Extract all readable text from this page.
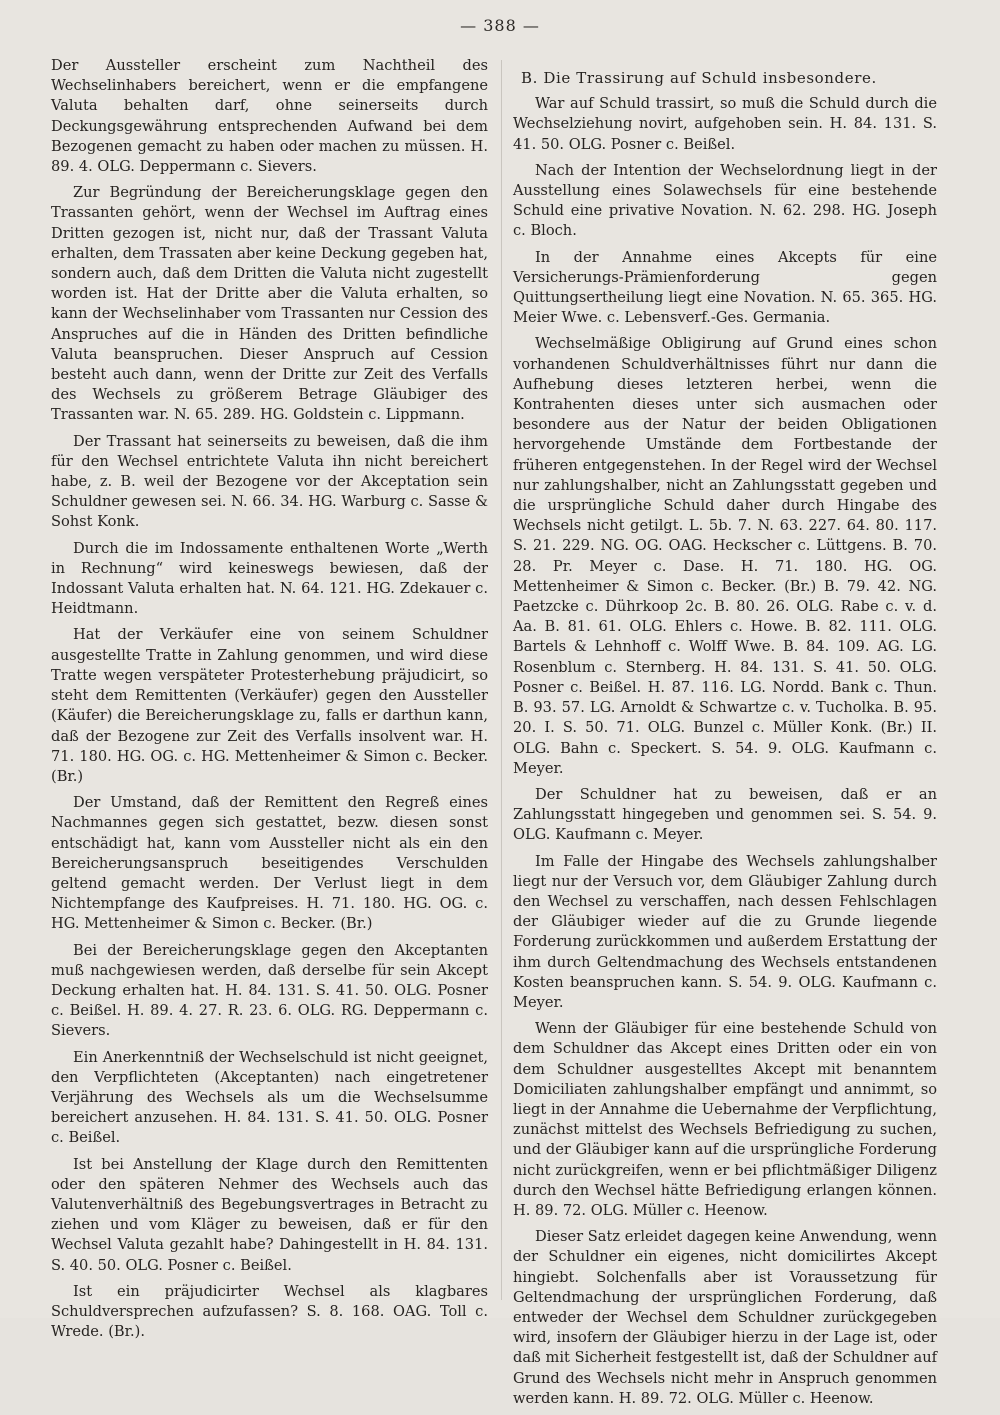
— 388 —

Der Aussteller erscheint zum Nachtheil des Wechselinhabers bereichert, wenn er die empfangene Valuta behalten darf, ohne seinerseits durch Deckungsgewährung entsprechenden Aufwand bei dem Bezogenen gemacht zu haben oder machen zu müssen. H. 89. 4. OLG. Deppermann c. Sievers.

Zur Begründung der Bereicherungsklage gegen den Trassanten gehört, wenn der Wechsel im Auftrag eines Dritten gezogen ist, nicht nur, daß der Trassant Valuta erhalten, dem Trassaten aber keine Deckung gegeben hat, sondern auch, daß dem Dritten die Valuta nicht zugestellt worden ist. Hat der Dritte aber die Valuta erhalten, so kann der Wechselinhaber vom Trassanten nur Cession des Anspruches auf die in Händen des Dritten befindliche Valuta beanspruchen. Dieser Anspruch auf Cession besteht auch dann, wenn der Dritte zur Zeit des Verfalls des Wechsels zu größerem Betrage Gläubiger des Trassanten war. N. 65. 289. HG. Goldstein c. Lippmann.

Der Trassant hat seinerseits zu beweisen, daß die ihm für den Wechsel entrichtete Valuta ihn nicht bereichert habe, z. B. weil der Bezogene vor der Akceptation sein Schuldner gewesen sei. N. 66. 34. HG. Warburg c. Sasse & Sohst Konk.

Durch die im Indossamente enthaltenen Worte „Werth in Rechnung“ wird keineswegs bewiesen, daß der Indossant Valuta erhalten hat. N. 64. 121. HG. Zdekauer c. Heidtmann.

Hat der Verkäufer eine von seinem Schuldner ausgestellte Tratte in Zahlung genommen, und wird diese Tratte wegen verspäteter Protesterhebung präjudicirt, so steht dem Remittenten (Verkäufer) gegen den Aussteller (Käufer) die Bereicherungsklage zu, falls er darthun kann, daß der Bezogene zur Zeit des Verfalls insolvent war. H. 71. 180. HG. OG. c. HG. Mettenheimer & Simon c. Becker. (Br.)

Der Umstand, daß der Remittent den Regreß eines Nachmannes gegen sich gestattet, bezw. diesen sonst entschädigt hat, kann vom Aussteller nicht als ein den Bereicherungsanspruch beseitigendes Verschulden geltend gemacht werden. Der Verlust liegt in dem Nichtempfange des Kaufpreises. H. 71. 180. HG. OG. c. HG. Mettenheimer & Simon c. Becker. (Br.)

Bei der Bereicherungsklage gegen den Akceptanten muß nachgewiesen werden, daß derselbe für sein Akcept Deckung erhalten hat. H. 84. 131. S. 41. 50. OLG. Posner c. Beißel. H. 89. 4. 27. R. 23. 6. OLG. RG. Deppermann c. Sievers.

Ein Anerkenntniß der Wechselschuld ist nicht geeignet, den Verpflichteten (Akceptanten) nach eingetretener Verjährung des Wechsels als um die Wechselsumme bereichert anzusehen. H. 84. 131. S. 41. 50. OLG. Posner c. Beißel.

Ist bei Anstellung der Klage durch den Remittenten oder den späteren Nehmer des Wechsels auch das Valutenverhältniß des Begebungsvertrages in Betracht zu ziehen und vom Kläger zu beweisen, daß er für den Wechsel Valuta gezahlt habe? Dahingestellt in H. 84. 131. S. 40. 50. OLG. Posner c. Beißel.

Ist ein präjudicirter Wechsel als klagbares Schuldversprechen aufzufassen? S. 8. 168. OAG. Toll c. Wrede. (Br.).

B. Die Trassirung auf Schuld insbesondere.

War auf Schuld trassirt, so muß die Schuld durch die Wechselziehung novirt, aufgehoben sein. H. 84. 131. S. 41. 50. OLG. Posner c. Beißel.

Nach der Intention der Wechselordnung liegt in der Ausstellung eines Solawechsels für eine bestehende Schuld eine privative Novation. N. 62. 298. HG. Joseph c. Bloch.

In der Annahme eines Akcepts für eine Versicherungs-Prämienforderung gegen Quittungsertheilung liegt eine Novation. N. 65. 365. HG. Meier Wwe. c. Lebensverf.-Ges. Germania.

Wechselmäßige Obligirung auf Grund eines schon vorhandenen Schuldverhältnisses führt nur dann die Aufhebung dieses letzteren herbei, wenn die Kontrahenten dieses unter sich ausmachen oder besondere aus der Natur der beiden Obligationen hervorgehende Umstände dem Fortbestande der früheren entgegenstehen. In der Regel wird der Wechsel nur zahlungshalber, nicht an Zahlungsstatt gegeben und die ursprüngliche Schuld daher durch Hingabe des Wechsels nicht getilgt. L. 5b. 7. N. 63. 227. 64. 80. 117. S. 21. 229. NG. OG. OAG. Heckscher c. Lüttgens. B. 70. 28. Pr. Meyer c. Dase. H. 71. 180. HG. OG. Mettenheimer & Simon c. Becker. (Br.) B. 79. 42. NG. Paetzcke c. Dührkoop 2c. B. 80. 26. OLG. Rabe c. v. d. Aa. B. 81. 61. OLG. Ehlers c. Howe. B. 82. 111. OLG. Bartels & Lehnhoff c. Wolff Wwe. B. 84. 109. AG. LG. Rosenblum c. Sternberg. H. 84. 131. S. 41. 50. OLG. Posner c. Beißel. H. 87. 116. LG. Nordd. Bank c. Thun. B. 93. 57. LG. Arnoldt & Schwartze c. v. Tucholka. B. 95. 20. I. S. 50. 71. OLG. Bunzel c. Müller Konk. (Br.) II. OLG. Bahn c. Speckert. S. 54. 9. OLG. Kaufmann c. Meyer.

Der Schuldner hat zu beweisen, daß er an Zahlungsstatt hingegeben und genommen sei. S. 54. 9. OLG. Kaufmann c. Meyer.

Im Falle der Hingabe des Wechsels zahlungshalber liegt nur der Versuch vor, dem Gläubiger Zahlung durch den Wechsel zu verschaffen, nach dessen Fehlschlagen der Gläubiger wieder auf die zu Grunde liegende Forderung zurückkommen und außerdem Erstattung der ihm durch Geltendmachung des Wechsels entstandenen Kosten beanspruchen kann. S. 54. 9. OLG. Kaufmann c. Meyer.

Wenn der Gläubiger für eine bestehende Schuld von dem Schuldner das Akcept eines Dritten oder ein von dem Schuldner ausgestelltes Akcept mit benanntem Domiciliaten zahlungshalber empfängt und annimmt, so liegt in der Annahme die Uebernahme der Verpflichtung, zunächst mittelst des Wechsels Befriedigung zu suchen, und der Gläubiger kann auf die ursprüngliche Forderung nicht zurückgreifen, wenn er bei pflichtmäßiger Diligenz durch den Wechsel hätte Befriedigung erlangen können. H. 89. 72. OLG. Müller c. Heenow.

Dieser Satz erleidet dagegen keine Anwendung, wenn der Schuldner ein eigenes, nicht domicilirtes Akcept hingiebt. Solchenfalls aber ist Voraussetzung für Geltendmachung der ursprünglichen Forderung, daß entweder der Wechsel dem Schuldner zurückgegeben wird, insofern der Gläubiger hierzu in der Lage ist, oder daß mit Sicherheit festgestellt ist, daß der Schuldner auf Grund des Wechsels nicht mehr in Anspruch genommen werden kann. H. 89. 72. OLG. Müller c. Heenow.
